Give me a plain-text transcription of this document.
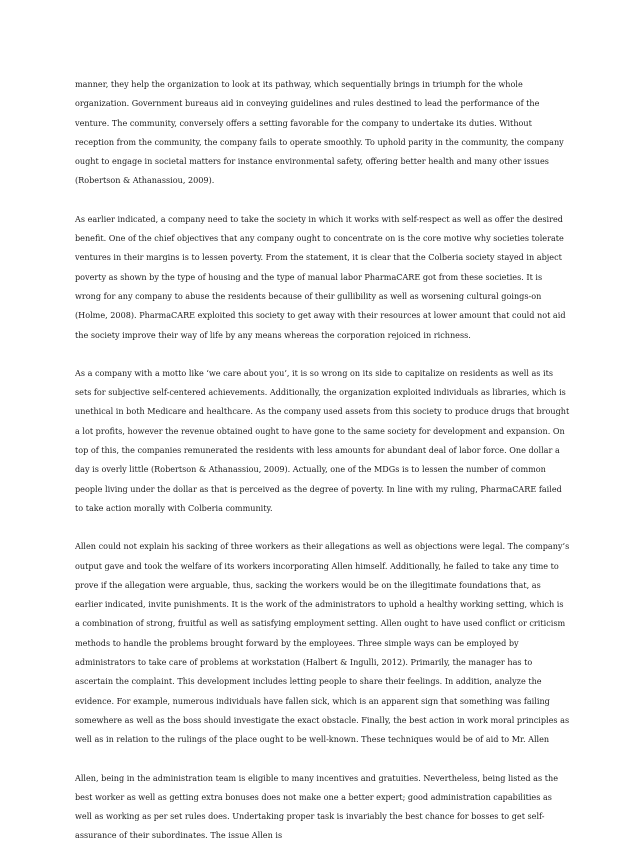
manner, they help the organization to look at its pathway, which sequentially brings in triumph for the whole organization. Government bureaus aid in conveying guidelines and rules destined to lead the performance of the venture. The community, conversely offers a setting favorable for the company to undertake its duties. Without reception from the community, the company fails to operate smoothly. To uphold parity in the community, the company ought to engage in societal matters for instance environmental safety, offering better health and many other issues (Robertson & Athanassiou, 2009).

As earlier indicated, a company need to take the society in which it works with self-respect as well as offer the desired benefit. One of the chief objectives that any company ought to concentrate on is the core motive why societies tolerate ventures in their margins is to lessen poverty. From the statement, it is clear that the Colberia society stayed in abject poverty as shown by the type of housing and the type of manual labor PharmaCARE got from these societies. It is wrong for any company to abuse the residents because of their gullibility as well as worsening cultural goings-on (Holme, 2008). PharmaCARE exploited this society to get away with their resources at lower amount that could not aid the society improve their way of life by any means whereas the corporation rejoiced in richness.

As a company with a motto like ‘we care about you’, it is so wrong on its side to capitalize on residents as well as its sets for subjective self-centered achievements. Additionally, the organization exploited individuals as libraries, which is unethical in both Medicare and healthcare. As the company used assets from this society to produce drugs that brought a lot profits, however the revenue obtained ought to have gone to the same society for development and expansion. On top of this, the companies remunerated the residents with less amounts for abundant deal of labor force. One dollar a day is overly little (Robertson & Athanassiou, 2009). Actually, one of the MDGs is to lessen the number of common people living under the dollar as that is perceived as the degree of poverty. In line with my ruling, PharmaCARE failed to take action morally with Colberia community.

Allen could not explain his sacking of three workers as their allegations as well as objections were legal. The company’s output gave and took the welfare of its workers incorporating Allen himself. Additionally, he failed to take any time to prove if the allegation were arguable, thus, sacking the workers would be on the illegitimate foundations that, as earlier indicated, invite punishments. It is the work of the administrators to uphold a healthy working setting, which is a combination of strong, fruitful as well as satisfying employment setting. Allen ought to have used conflict or criticism methods to handle the problems brought forward by the employees. Three simple ways can be employed by administrators to take care of problems at workstation (Halbert & Ingulli, 2012). Primarily, the manager has to ascertain the complaint. This development includes letting people to share their feelings. In addition, analyze the evidence. For example, numerous individuals have fallen sick, which is an apparent sign that something was failing somewhere as well as the boss should investigate the exact obstacle. Finally, the best action in work moral principles as well as in relation to the rulings of the place ought to be well-known. These techniques would be of aid to Mr. Allen

Allen, being in the administration team is eligible to many incentives and gratuities. Nevertheless, being listed as the best worker as well as getting extra bonuses does not make one a better expert; good administration capabilities as well as working as per set rules does. Undertaking proper task is invariably the best chance for bosses to get self-assurance of their subordinates. The issue Allen is
